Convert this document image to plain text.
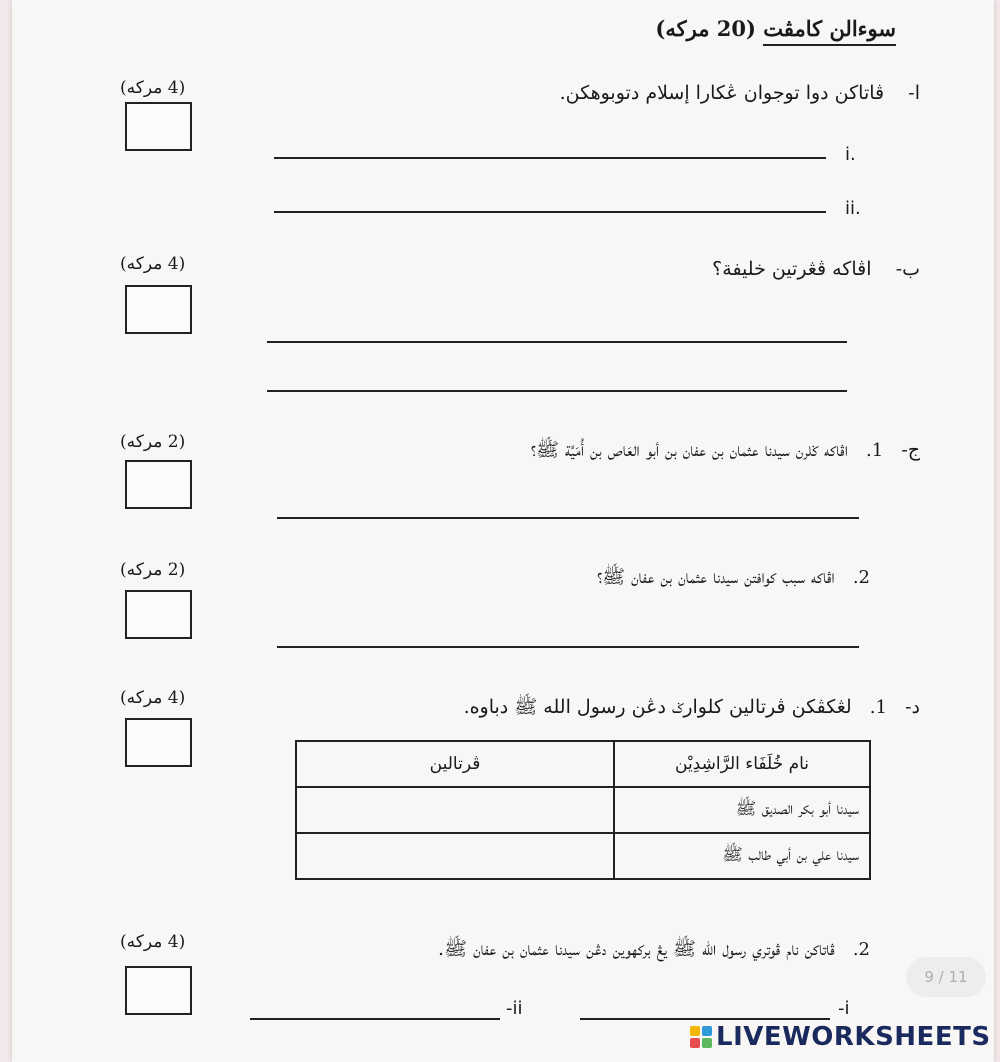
سوءالن كامڤت (20 مركه)
ا-    ڤاتاكن دوا توجوان ڠكارا إسلام دتوبوهكن.
(4 مركه)
i.
ii.
ب-    اڤاكه ڤڠرتين خليفة؟
(4 مركه)
ج-   1.   اڤاكه ݢلرن سيدنا عثمان بن عفان بن أبو العَاص بن أُمَيَّة ﷺ؟
(2 مركه)
2.   اڤاكه سبب كوافتن سيدنا عثمان بن عفان ﷺ؟
(2 مركه)
د-   1.   لڠكڤكن ڤرتالين كلوارݢ دڠن رسول الله ﷺ دباوه.
(4 مركه)
نام خُلَفَاء الرَّاشِدِيْن	ڤرتالين
سيدنا أبو بكر الصديق ﷺ	
سيدنا علي بن أبي طالب ﷺ	
2.   ڤاتاكن نام ڤوتري رسول الله ﷺ يڠ بركهوين دڠن سيدنا عثمان بن عفان ﷺ.
(4 مركه)
-ii	-i
9 / 11
LIVEWORKSHEETS
